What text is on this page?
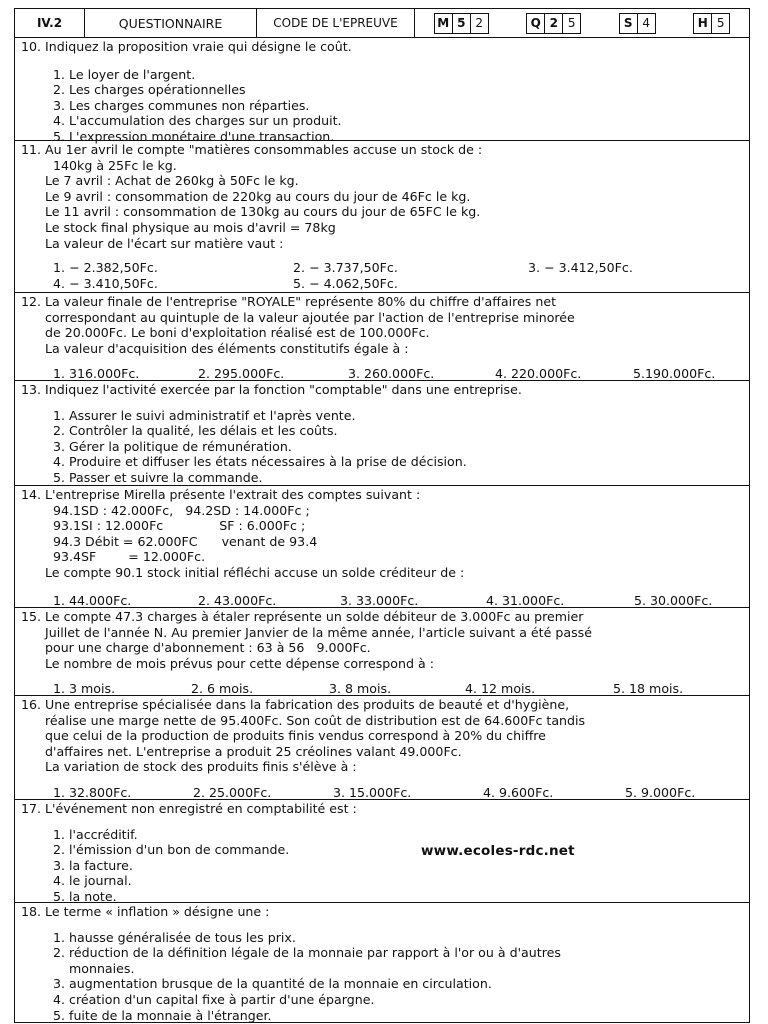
IV.2	QUESTIONNAIRE	CODE DE L'EPREUVE	M 5 2	Q 2 5	S 4	H 5
10. Indiquez la proposition vraie qui désigne le coût.
1. Le loyer de l'argent.
2. Les charges opérationnelles
3. Les charges communes non réparties.
4. L'accumulation des charges sur un produit.
5. L'expression monétaire d'une transaction.
11. Au 1er avril le compte "matières consommables accuse un stock de :
140kg à 25Fc le kg.
Le 7 avril : Achat de 260kg à 50Fc le kg.
Le 9 avril : consommation de 220kg au cours du jour de 46Fc le kg.
Le 11 avril : consommation de 130kg au cours du jour de 65FC le kg.
Le stock final physique au mois d'avril = 78kg
La valeur de l'écart sur matière vaut :
1. − 2.382,50Fc.	2. − 3.737,50Fc.	3. − 3.412,50Fc.
4. − 3.410,50Fc.	5. − 4.062,50Fc.
12. La valeur finale de l'entreprise "ROYALE" représente 80% du chiffre d'affaires net
correspondant au quintuple de la valeur ajoutée par l'action de l'entreprise minorée
de 20.000Fc. Le boni d'exploitation réalisé est de 100.000Fc.
La valeur d'acquisition des éléments constitutifs égale à :
1. 316.000Fc.	2. 295.000Fc.	3. 260.000Fc.	4. 220.000Fc.	5.190.000Fc.
13. Indiquez l'activité exercée par la fonction "comptable" dans une entreprise.
1. Assurer le suivi administratif et l'après vente.
2. Contrôler la qualité, les délais et les coûts.
3. Gérer la politique de rémunération.
4. Produire et diffuser les états nécessaires à la prise de décision.
5. Passer et suivre la commande.
14. L'entreprise Mirella présente l'extrait des comptes suivant :
94.1SD : 42.000Fc,   94.2SD : 14.000Fc ;
93.1SI : 12.000Fc              SF : 6.000Fc ;
94.3 Débit = 62.000FC      venant de 93.4
93.4SF        = 12.000Fc.
Le compte 90.1 stock initial réfléchi accuse un solde créditeur de :
1. 44.000Fc.	2. 43.000Fc.	3. 33.000Fc.	4. 31.000Fc.	5. 30.000Fc.
15. Le compte 47.3 charges à étaler représente un solde débiteur de 3.000Fc au premier
Juillet de l'année N. Au premier Janvier de la même année, l'article suivant a été passé
pour une charge d'abonnement : 63 à 56   9.000Fc.
Le nombre de mois prévus pour cette dépense correspond à :
1. 3 mois.	2. 6 mois.	3. 8 mois.	4. 12 mois.	5. 18 mois.
16. Une entreprise spécialisée dans la fabrication des produits de beauté et d'hygiène,
réalise une marge nette de 95.400Fc. Son coût de distribution est de 64.600Fc tandis
que celui de la production de produits finis vendus correspond à 20% du chiffre
d'affaires net. L'entreprise a produit 25 créolines valant 49.000Fc.
La variation de stock des produits finis s'élève à :
1. 32.800Fc.	2. 25.000Fc.	3. 15.000Fc.	4. 9.600Fc.	5. 9.000Fc.
17. L'événement non enregistré en comptabilité est :
1. l'accréditif.
2. l'émission d'un bon de commande.
3. la facture.
4. le journal.
5. la note.
www.ecoles-rdc.net
18. Le terme « inflation » désigne une :
1. hausse généralisée de tous les prix.
2. réduction de la définition légale de la monnaie par rapport à l'or ou à d'autres
monnaies.
3. augmentation brusque de la quantité de la monnaie en circulation.
4. création d'un capital fixe à partir d'une épargne.
5. fuite de la monnaie à l'étranger.
